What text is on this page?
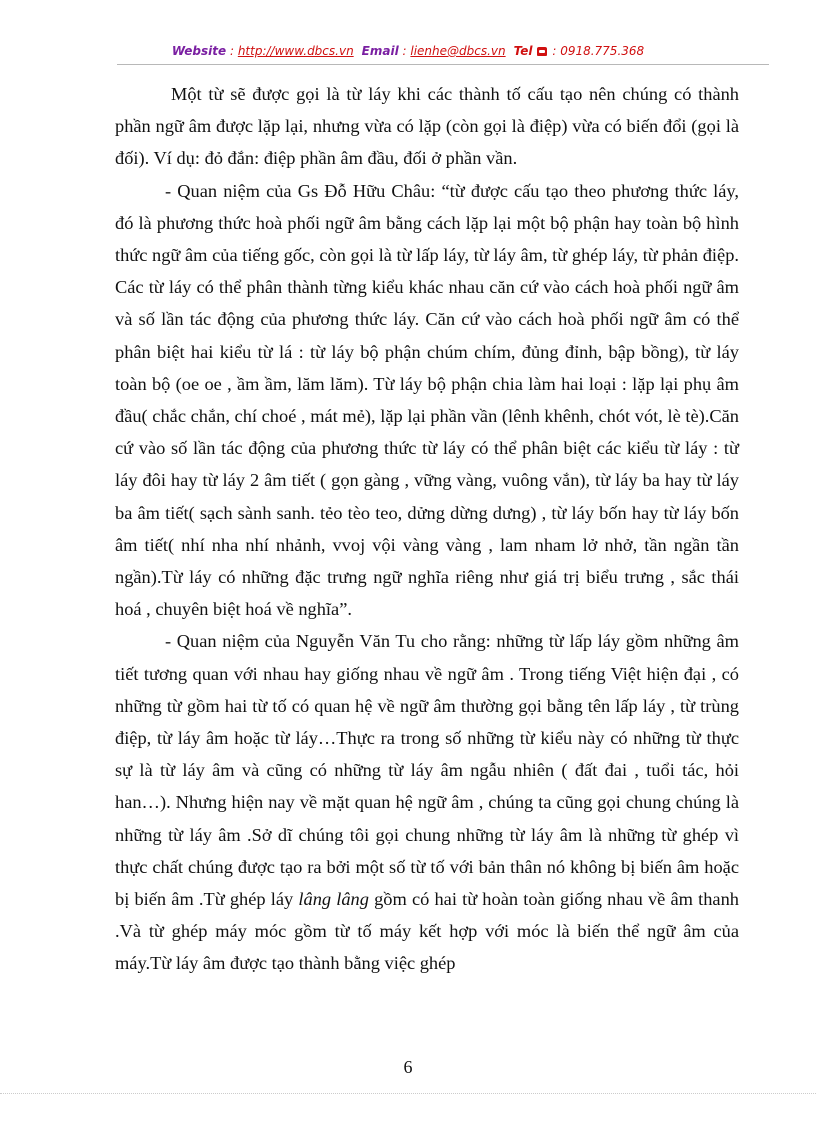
Website : http://www.dbcs.vn Email : lienhe@dbcs.vn Tel : 0918.775.368

Một từ sẽ được gọi là từ láy khi các thành tố cấu tạo nên chúng có thành phần ngữ âm được lặp lại, nhưng vừa có lặp (còn gọi là điệp) vừa có biến đổi (gọi là đối). Ví dụ: đỏ đắn: điệp phần âm đầu, đối ở phần vần.

- Quan niệm của Gs Đỗ Hữu Châu: “từ được cấu tạo theo phương thức láy, đó là phương thức hoà phối ngữ âm bằng cách lặp lại một bộ phận hay toàn bộ hình thức ngữ âm của tiếng gốc, còn gọi là từ lấp láy, từ láy âm, từ ghép láy, từ phản điệp. Các từ láy có thể phân thành từng kiểu khác nhau căn cứ vào cách hoà phối ngữ âm và số lần tác động của phương thức láy. Căn cứ vào cách hoà phối ngữ âm có thể phân biệt hai kiểu từ lá : từ láy bộ phận chúm chím, đủng đỉnh, bập bồng), từ láy toàn bộ (oe oe , ầm ầm, lăm lăm). Từ láy bộ phận chia làm hai loại : lặp lại phụ âm đầu( chắc chắn, chí choé , mát mẻ), lặp lại phần vần (lênh khênh, chót vót, lè tè).Căn cứ vào số lần tác động của phương thức từ láy có thể phân biệt các kiểu từ láy : từ láy đôi hay từ láy 2 âm tiết ( gọn gàng , vững vàng, vuông vắn), từ láy ba hay từ láy ba âm tiết( sạch sành sanh. tẻo tèo teo, dửng dừng dưng) , từ láy bốn hay từ láy bốn âm tiết( nhí nha nhí nhảnh, vvoj vội vàng vàng , lam nham lở nhở, tần ngần tần ngần).Từ láy có những đặc trưng ngữ nghĩa riêng như giá trị biểu trưng , sắc thái hoá , chuyên biệt hoá về nghĩa”.

- Quan niệm của Nguyễn Văn Tu cho rằng: những từ lấp láy gồm những âm tiết tương quan với nhau hay giống nhau về ngữ âm . Trong tiếng Việt hiện đại , có những từ gồm hai từ tố có quan hệ về ngữ âm thường gọi bằng tên lấp láy , từ trùng điệp, từ láy âm hoặc từ láy…Thực ra trong số những từ kiểu này có những từ thực sự là từ láy âm và cũng có những từ láy âm ngẫu nhiên ( đất đai , tuổi tác, hỏi han…). Nhưng hiện nay về mặt quan hệ ngữ âm , chúng ta cũng gọi chung chúng là những từ láy âm .Sở dĩ chúng tôi gọi chung những từ láy âm là những từ ghép vì thực chất chúng được tạo ra bởi một số từ tố với bản thân nó không bị biến âm hoặc bị biến âm .Từ ghép láy lâng lâng gồm có hai từ hoàn toàn giống nhau về âm thanh .Và từ ghép máy móc gồm từ tố máy kết hợp với móc là biến thể ngữ âm của máy.Từ láy âm được tạo thành bằng việc ghép

6
